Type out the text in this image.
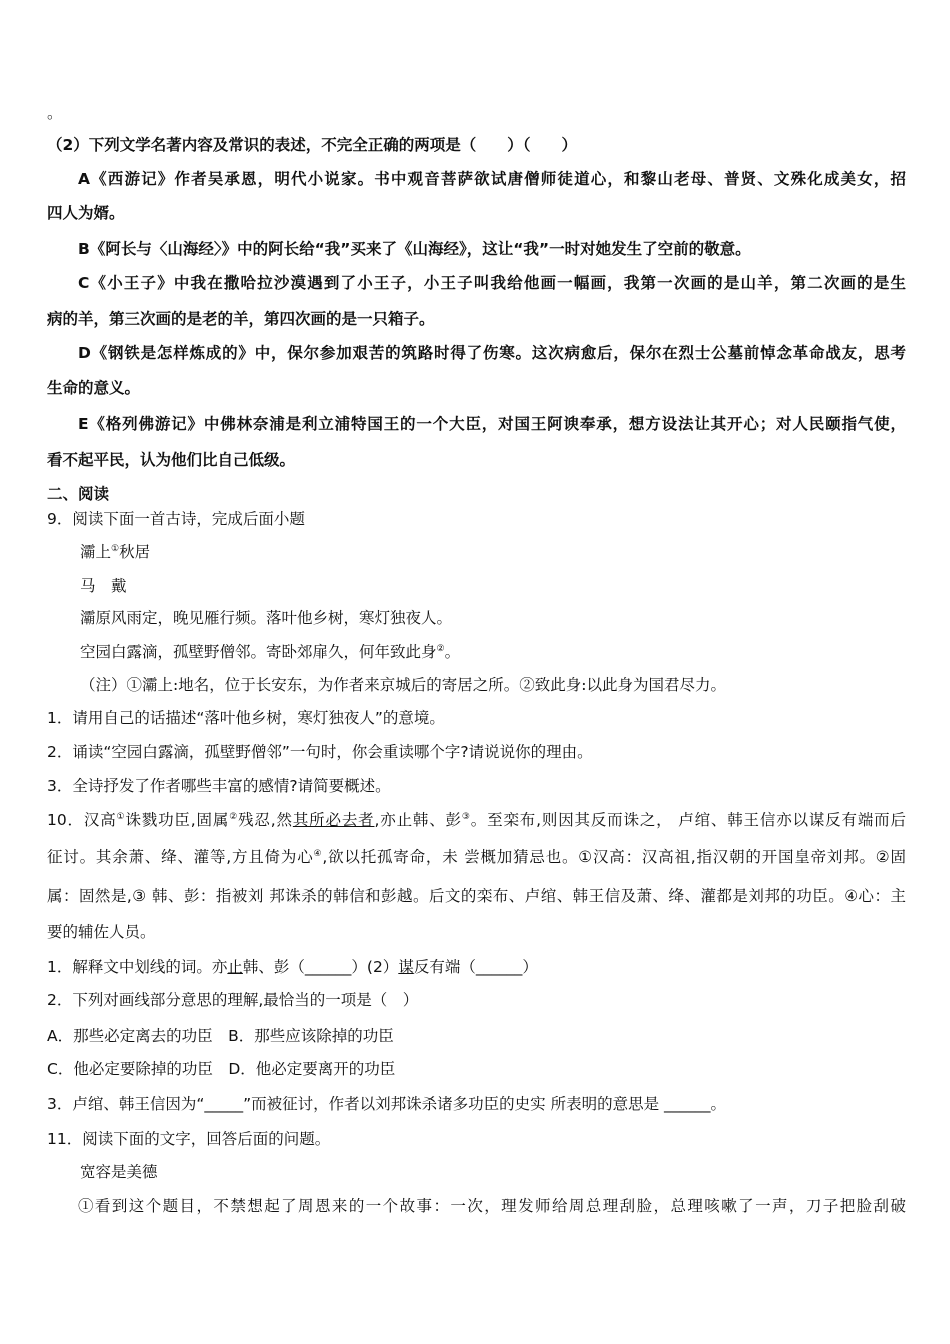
。
（2）下列文学名著内容及常识的表述，不完全正确的两项是（　　）（　　）
A《西游记》作者吴承恩，明代小说家。书中观音菩萨欲试唐僧师徒道心，和黎山老母、普贤、文殊化成美女，招
四人为婿。
B《阿长与〈山海经〉》中的阿长给“我”买来了《山海经》，这让“我”一时对她发生了空前的敬意。
C《小王子》中我在撒哈拉沙漠遇到了小王子，小王子叫我给他画一幅画，我第一次画的是山羊，第二次画的是生
病的羊，第三次画的是老的羊，第四次画的是一只箱子。
D《钢铁是怎样炼成的》中，保尔参加艰苦的筑路时得了伤寒。这次病愈后，保尔在烈士公墓前悼念革命战友，思考
生命的意义。
E《格列佛游记》中佛林奈浦是利立浦特国王的一个大臣，对国王阿谀奉承，想方设法让其开心；对人民颐指气使，
看不起平民，认为他们比自己低级。
二、阅读
9．阅读下面一首古诗，完成后面小题
灞上①秋居
马　戴
灞原风雨定，晚见雁行频。落叶他乡树，寒灯独夜人。
空园白露滴，孤壁野僧邻。寄卧郊扉久，何年致此身②。
（注）①灞上:地名，位于长安东，为作者来京城后的寄居之所。②致此身:以此身为国君尽力。
1．请用自己的话描述“落叶他乡树，寒灯独夜人”的意境。
2．诵读“空园白露滴，孤壁野僧邻”一句时，你会重读哪个字?请说说你的理由。
3．全诗抒发了作者哪些丰富的感情?请简要概述。
10．汉高①诛戮功臣,固属②残忍,然其所必去者,亦止韩、彭③。至栾布,则因其反而诛之， 卢绾、韩王信亦以谋反有端而后
征讨。其余萧、绛、灌等,方且倚为心④,欲以托孤寄命，未 尝概加猜忌也。①汉高：汉高祖,指汉朝的开国皇帝刘邦。②固
属：固然是,③ 韩、彭：指被刘 邦诛杀的韩信和彭越。后文的栾布、卢绾、韩王信及萧、绛、灌都是刘邦的功臣。④心：主
要的辅佐人员。
1．解释文中划线的词。亦止韩、彭（______）(2）谋反有端（______）
2．下列对画线部分意思的理解,最恰当的一项是（　）
A．那些必定离去的功臣　B．那些应该除掉的功臣
C．他必定要除掉的功臣　D．他必定要离开的功臣
3．卢绾、韩王信因为“_____”而被征讨，作者以刘邦诛杀诸多功臣的史实 所表明的意思是 ______。
11．阅读下面的文字，回答后面的问题。
宽容是美德
①看到这个题目，不禁想起了周恩来的一个故事：一次，理发师给周总理刮脸，总理咳嗽了一声，刀子把脸刮破
